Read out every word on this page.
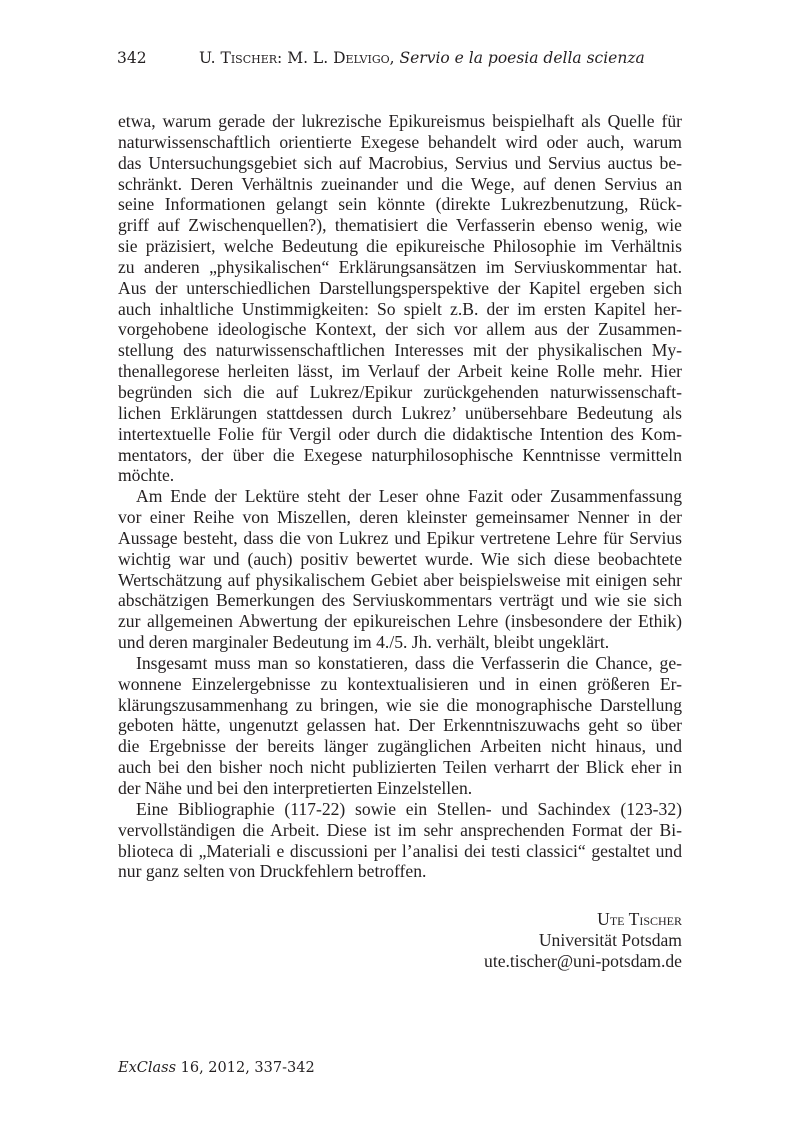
342	U. Tischer: M. L. Delvigo, Servio e la poesia della scienza
etwa, warum gerade der lukrezische Epikureismus beispielhaft als Quelle für
naturwissenschaftlich orientierte Exegese behandelt wird oder auch, warum
das Untersuchungsgebiet sich auf Macrobius, Servius und Servius auctus be-
schränkt. Deren Verhältnis zueinander und die Wege, auf denen Servius an
seine Informationen gelangt sein könnte (direkte Lukrezbenutzung, Rück-
griff auf Zwischenquellen?), thematisiert die Verfasserin ebenso wenig, wie
sie präzisiert, welche Bedeutung die epikureische Philosophie im Verhältnis
zu anderen „physikalischen“ Erklärungsansätzen im Serviuskommentar hat.
Aus der unterschiedlichen Darstellungsperspektive der Kapitel ergeben sich
auch inhaltliche Unstimmigkeiten: So spielt z.B. der im ersten Kapitel her-
vorgehobene ideologische Kontext, der sich vor allem aus der Zusammen-
stellung des naturwissenschaftlichen Interesses mit der physikalischen My-
thenallegorese herleiten lässt, im Verlauf der Arbeit keine Rolle mehr. Hier
begründen sich die auf Lukrez/Epikur zurückgehenden naturwissenschaft-
lichen Erklärungen stattdessen durch Lukrez’ unübersehbare Bedeutung als
intertextuelle Folie für Vergil oder durch die didaktische Intention des Kom-
mentators, der über die Exegese naturphilosophische Kenntnisse vermitteln
möchte.
Am Ende der Lektüre steht der Leser ohne Fazit oder Zusammenfassung
vor einer Reihe von Miszellen, deren kleinster gemeinsamer Nenner in der
Aussage besteht, dass die von Lukrez und Epikur vertretene Lehre für Servius
wichtig war und (auch) positiv bewertet wurde. Wie sich diese beobachtete
Wertschätzung auf physikalischem Gebiet aber beispielsweise mit einigen sehr
abschätzigen Bemerkungen des Serviuskommentars verträgt und wie sie sich
zur allgemeinen Abwertung der epikureischen Lehre (insbesondere der Ethik)
und deren marginaler Bedeutung im 4./5. Jh. verhält, bleibt ungeklärt.
Insgesamt muss man so konstatieren, dass die Verfasserin die Chance, ge-
wonnene Einzelergebnisse zu kontextualisieren und in einen größeren Er-
klärungszusammenhang zu bringen, wie sie die monographische Darstellung
geboten hätte, ungenutzt gelassen hat. Der Erkenntniszuwachs geht so über
die Ergebnisse der bereits länger zugänglichen Arbeiten nicht hinaus, und
auch bei den bisher noch nicht publizierten Teilen verharrt der Blick eher in
der Nähe und bei den interpretierten Einzelstellen.
Eine Bibliographie (117-22) sowie ein Stellen- und Sachindex (123-32)
vervollständigen die Arbeit. Diese ist im sehr ansprechenden Format der Bi-
blioteca di „Materiali e discussioni per l’analisi dei testi classici“ gestaltet und
nur ganz selten von Druckfehlern betroffen.
Ute Tischer
Universität Potsdam
ute.tischer@uni-potsdam.de
ExClass 16, 2012, 337-342
